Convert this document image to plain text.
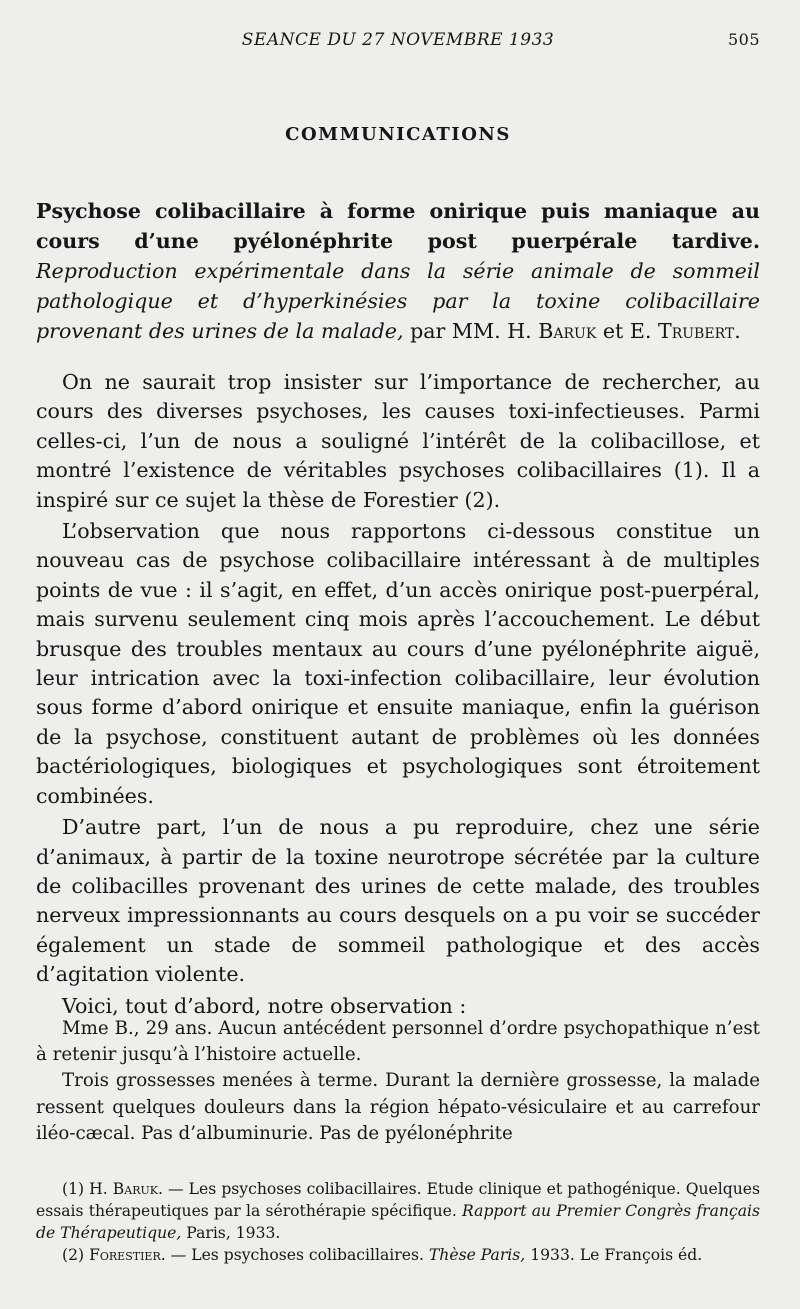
SEANCE DU 27 NOVEMBRE 1933	505
COMMUNICATIONS
Psychose colibacillaire à forme onirique puis maniaque au cours d’une pyélonéphrite post puerpérale tardive. Reproduction expérimentale dans la série animale de sommeil pathologique et d’hyperkinésies par la toxine colibacillaire provenant des urines de la malade, par MM. H. Baruk et E. Trubert.

On ne saurait trop insister sur l’importance de rechercher, au cours des diverses psychoses, les causes toxi-infectieuses. Parmi celles-ci, l’un de nous a souligné l’intérêt de la colibacillose, et montré l’existence de véritables psychoses colibacillaires (1). Il a inspiré sur ce sujet la thèse de Forestier (2).

L’observation que nous rapportons ci-dessous constitue un nouveau cas de psychose colibacillaire intéressant à de multiples points de vue : il s’agit, en effet, d’un accès onirique post-puerpéral, mais survenu seulement cinq mois après l’accouchement. Le début brusque des troubles mentaux au cours d’une pyélonéphrite aiguë, leur intrication avec la toxi-infection colibacillaire, leur évolution sous forme d’abord onirique et ensuite maniaque, enfin la guérison de la psychose, constituent autant de problèmes où les données bactériologiques, biologiques et psychologiques sont étroitement combinées.

D’autre part, l’un de nous a pu reproduire, chez une série d’animaux, à partir de la toxine neurotrope sécrétée par la culture de colibacilles provenant des urines de cette malade, des troubles nerveux impressionnants au cours desquels on a pu voir se succéder également un stade de sommeil pathologique et des accès d’agitation violente.

Voici, tout d’abord, notre observation :

Mme B., 29 ans. Aucun antécédent personnel d’ordre psychopathique n’est à retenir jusqu’à l’histoire actuelle.

Trois grossesses menées à terme. Durant la dernière grossesse, la malade ressent quelques douleurs dans la région hépato-vésiculaire et au carrefour iléo-cæcal. Pas d’albuminurie. Pas de pyélonéphrite

(1) H. Baruk. — Les psychoses colibacillaires. Etude clinique et pathogénique. Quelques essais thérapeutiques par la sérothérapie spécifique. Rapport au Premier Congrès français de Thérapeutique, Paris, 1933.

(2) Forestier. — Les psychoses colibacillaires. Thèse Paris, 1933. Le François éd.
